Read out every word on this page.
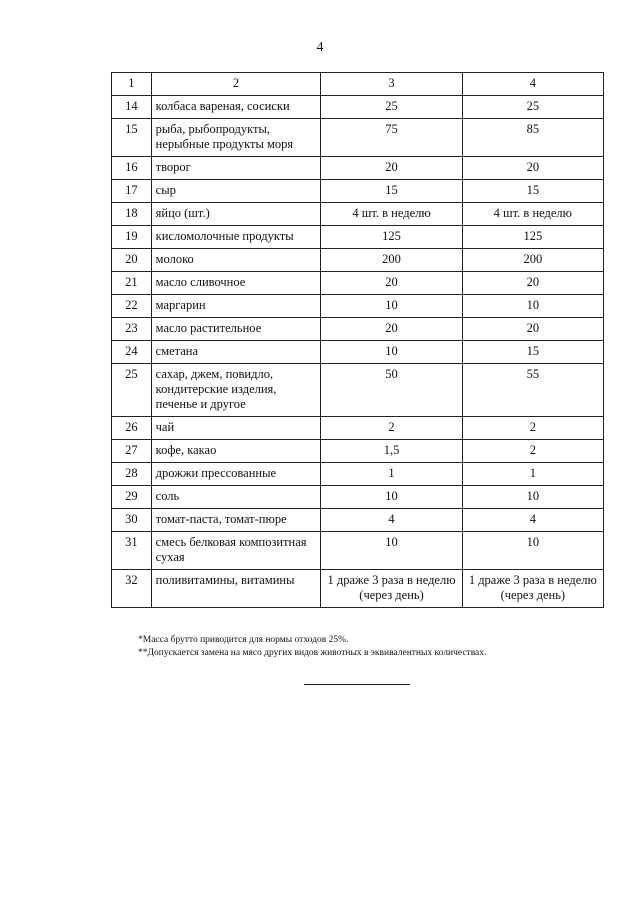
4
1	2	3	4
14	колбаса вареная, сосиски	25	25
15	рыба, рыбопродукты, нерыбные продукты моря	75	85
16	творог	20	20
17	сыр	15	15
18	яйцо (шт.)	4 шт. в неделю	4 шт. в неделю
19	кисломолочные продукты	125	125
20	молоко	200	200
21	масло сливочное	20	20
22	маргарин	10	10
23	масло растительное	20	20
24	сметана	10	15
25	сахар, джем, повидло, кондитерские изделия, печенье и другое	50	55
26	чай	2	2
27	кофе, какао	1,5	2
28	дрожжи прессованные	1	1
29	соль	10	10
30	томат-паста, томат-пюре	4	4
31	смесь белковая композитная сухая	10	10
32	поливитамины, витамины	1 драже 3 раза в неделю (через день)	1 драже 3 раза в неделю (через день)
*Масса брутто приводится для нормы отходов 25%.
**Допускается замена на мясо других видов животных в эквивалентных количествах.
